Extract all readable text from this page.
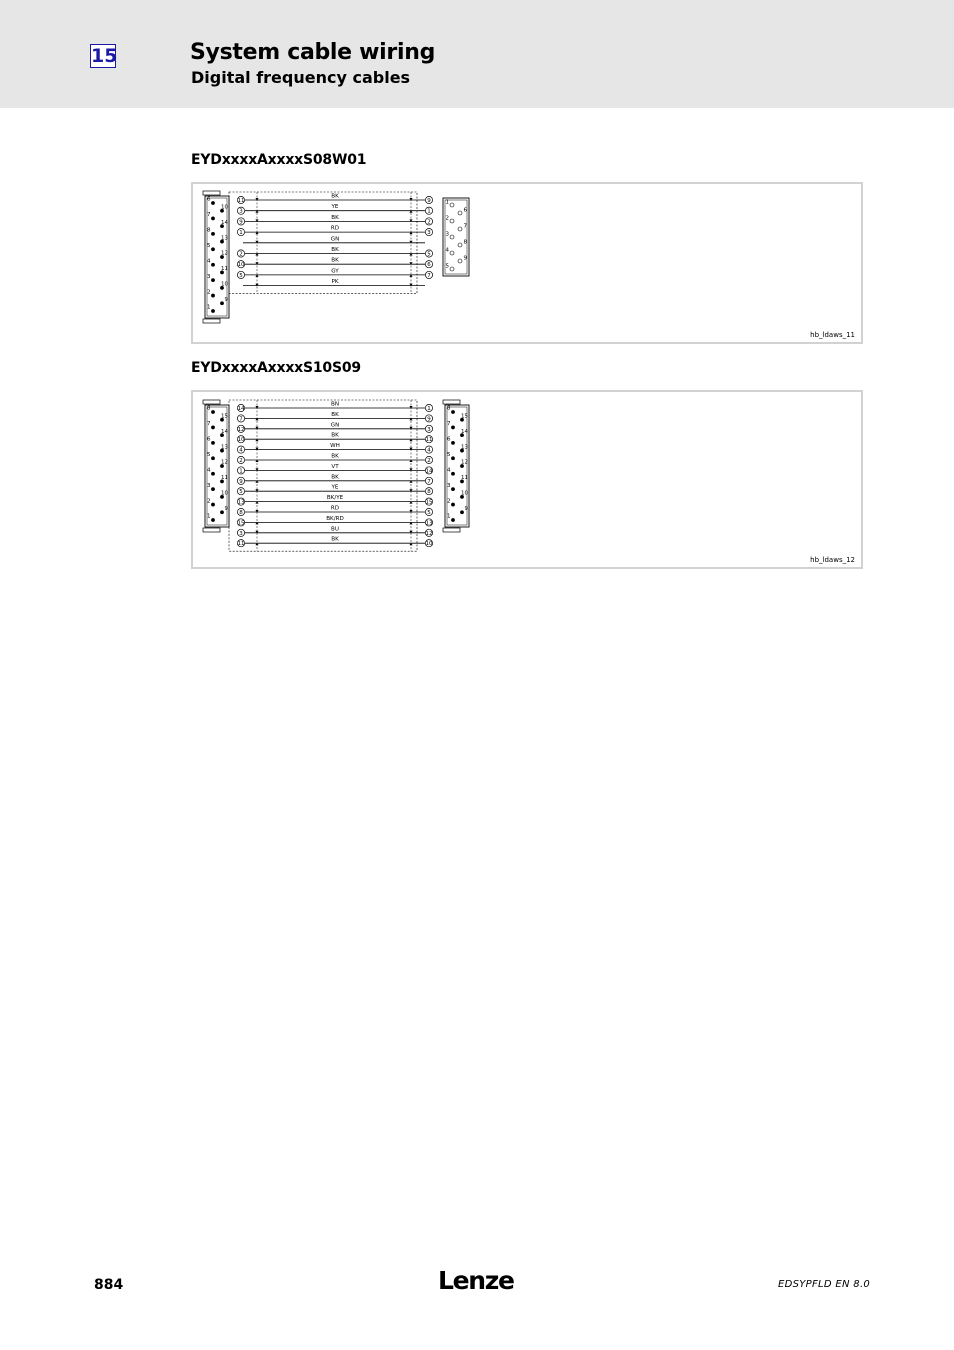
15	System cable wiring
Digital frequency cables
EYDxxxxAxxxxS08W01
BK
11	9
YE
3	1
BK
9	2
RD
1	3
GN
BK
2	5
BK
10	6
GY
5	7
PK
6
10
7
14
8
13
5
12
4
11
3
10
2
9
1
1
6
2
7
3
8
4
9
5
hb_ldaws_11
EYDxxxxAxxxxS10S09
BN
14	1
BK
7	9
GN
12	3
BK
10	11
WH
4	4
BK
2	2
VT
1	14
BK
9	7
YE
5	8
BK/YE
13	15
RD
8	5
BK/RD
15	13
BU
3	12
BK
11	10
8
15
7
14
6
13
5
12
4
11
3
10
2
9
1
8
15
7
14
6
13
5
12
4
11
3
10
2
9
1
hb_ldaws_12
884	Lenze	EDSYPFLD EN 8.0
